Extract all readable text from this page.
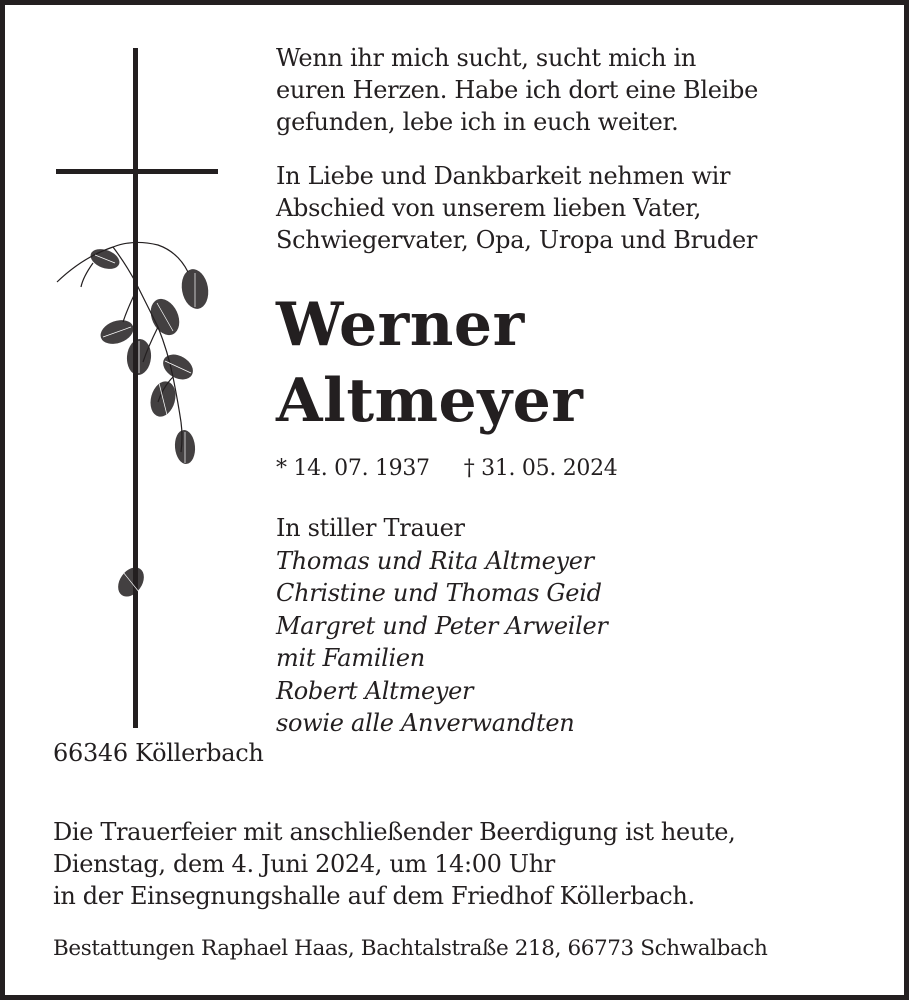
Wenn ihr mich sucht, sucht mich in
euren Herzen. Habe ich dort eine Bleibe
gefunden, lebe ich in euch weiter.
In Liebe und Dankbarkeit nehmen wir
Abschied von unserem lieben Vater,
Schwiegervater, Opa, Uropa und Bruder
Werner
Altmeyer
* 14. 07. 1937 † 31. 05. 2024
In stiller Trauer
Thomas und Rita Altmeyer
Christine und Thomas Geid
Margret und Peter Arweiler
mit Familien
Robert Altmeyer
sowie alle Anverwandten
66346 Köllerbach
Die Trauerfeier mit anschließender Beerdigung ist heute,
Dienstag, dem 4. Juni 2024, um 14:00 Uhr
in der Einsegnungshalle auf dem Friedhof Köllerbach.
Bestattungen Raphael Haas, Bachtalstraße 218, 66773 Schwalbach
